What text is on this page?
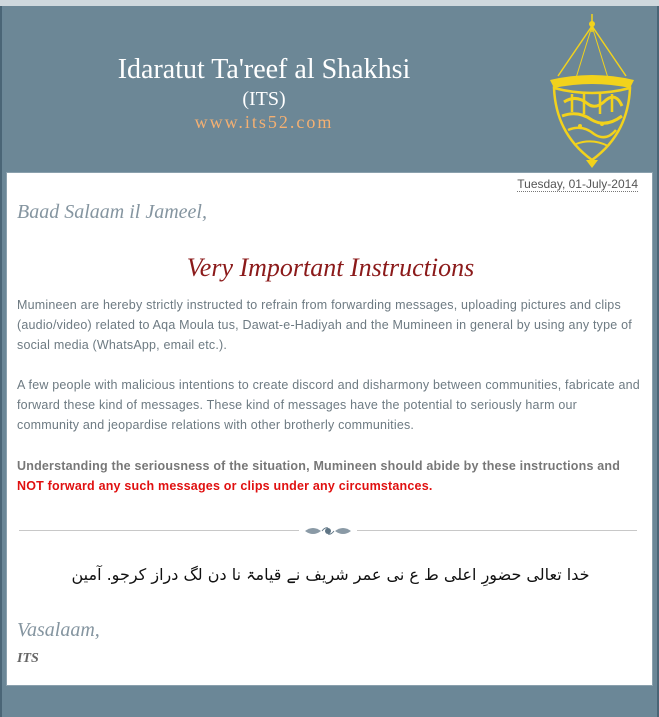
Idaratut Ta'reef al Shakhsi
(ITS)
www.its52.com
Tuesday, 01-July-2014
Baad Salaam il Jameel,
Very Important Instructions
Mumineen are hereby strictly instructed to refrain from forwarding messages, uploading pictures and clips (audio/video) related to Aqa Moula tus, Dawat-e-Hadiyah and the Mumineen in general by using any type of social media (WhatsApp, email etc.).
A few people with malicious intentions to create discord and disharmony between communities, fabricate and forward these kind of messages. These kind of messages have the potential to seriously harm our community and jeopardise relations with other brotherly communities.
Understanding the seriousness of the situation, Mumineen should abide by these instructions and NOT forward any such messages or clips under any circumstances.
خدا تعالی حضورِ اعلی ط ع نی عمر شریف نے قیامۃ نا دن لگ دراز کرجو. آمین
Vasalaam,
ITS
